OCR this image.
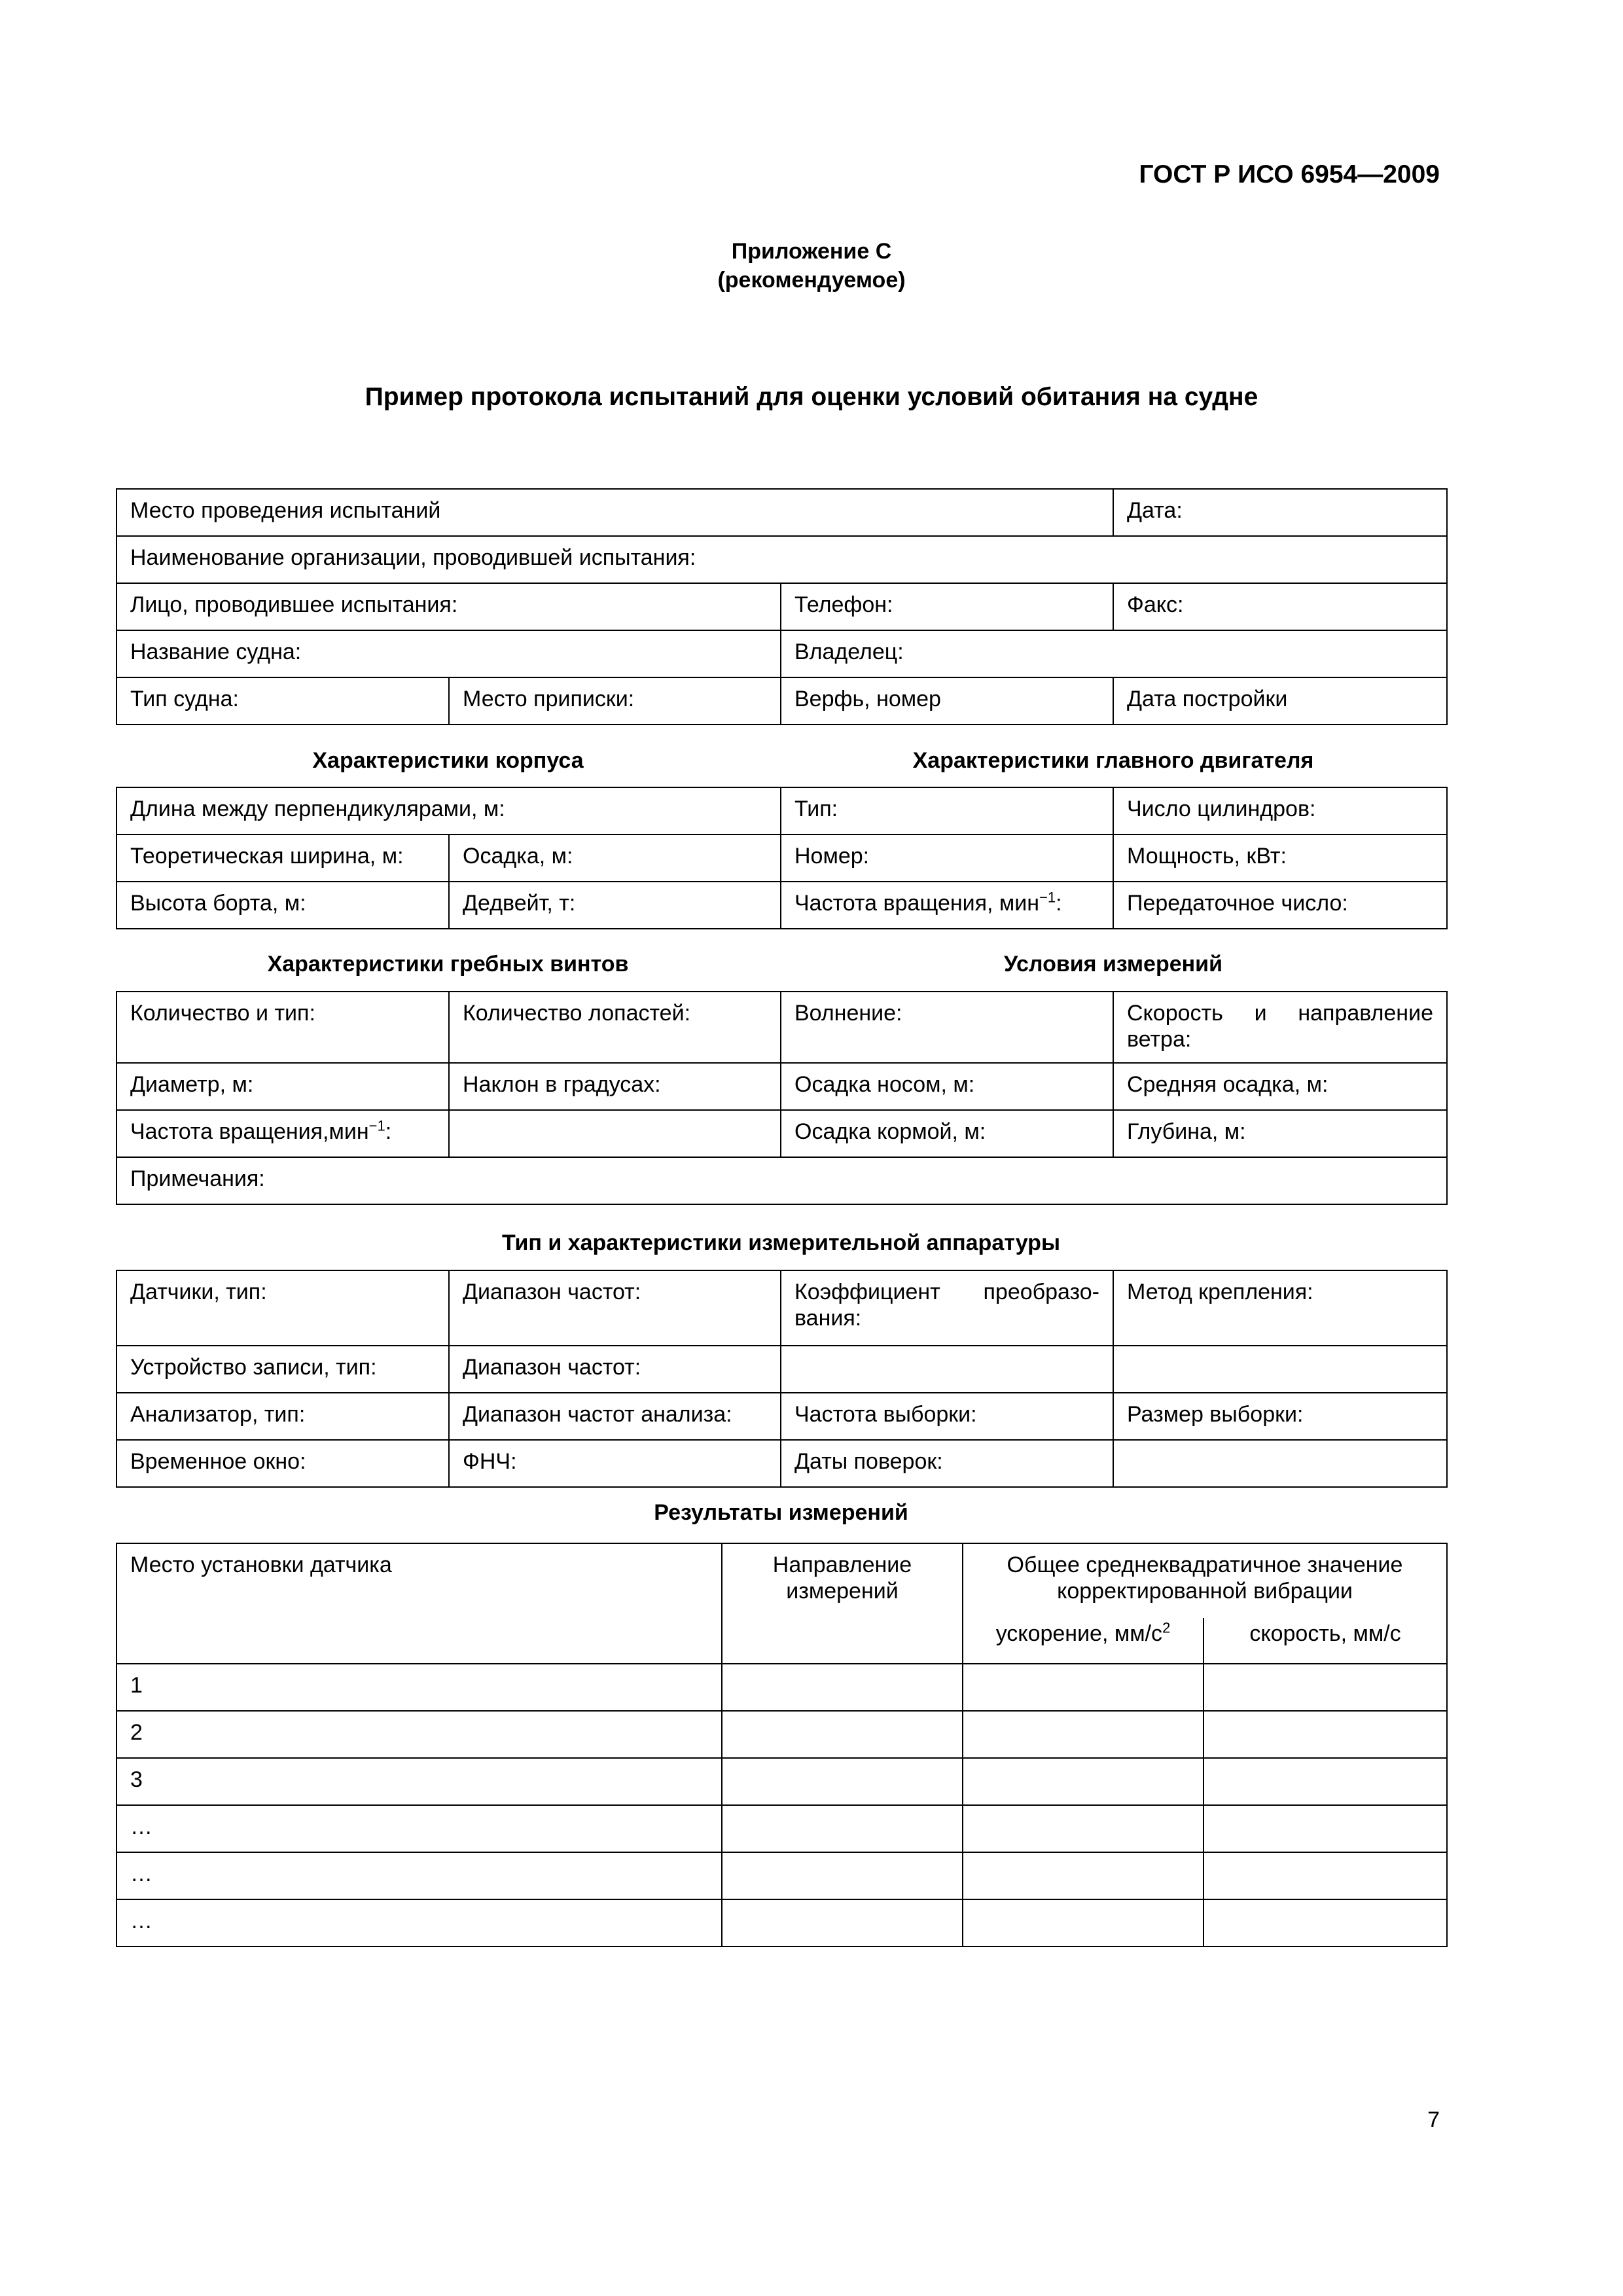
ГОСТ Р ИСО 6954—2009
Приложение С
(рекомендуемое)
Пример протокола испытаний для оценки условий обитания на судне
Место проведения испытаний			Дата:
Наименование организации, проводившей испытания:			
Лицо, проводившее испытания:		Телефон:	Факс:
Название судна:		Владелец:	
Тип судна:	Место приписки:	Верфь, номер	Дата постройки
Характеристики корпуса	Характеристики главного двигателя
Длина между перпендикулярами, м:		Тип:	Число цилиндров:
Теоретическая ширина, м:	Осадка, м:	Номер:	Мощность, кВт:
Высота борта, м:	Дедвейт, т:	Частота вращения, мин$^{-1}$:	Передаточное число:
Характеристики гребных винтов	Условия измерений
Количество и тип:	Количество лопастей:	Волнение:	Скорость и направление ветра:

Диаметр, м:	Наклон в градусах:	Осадка носом, м:	Средняя осадка, м:
Частота вращения,мин$^{-1}$:		Осадка кормой, м:	Глубина, м:
Примечания:			
Тип и характеристики измерительной аппаратуры
Датчики, тип:	Диапазон частот:	Коэффициент преобразо-вания:	Метод крепления:
Устройство записи, тип:	Диапазон частот:		
Анализатор, тип:	Диапазон частот анализа:	Частота выборки:	Размер выборки:
Временное окно:	ФНЧ:	Даты поверок:	
Результаты измерений
Место установки датчика	Направление измерений	Общее среднеквадратичное значение корректированной вибрации	
		ускорение, $мм/с^2$	скорость, мм/с
1			
2			
3			
…			
…			
…			
7
